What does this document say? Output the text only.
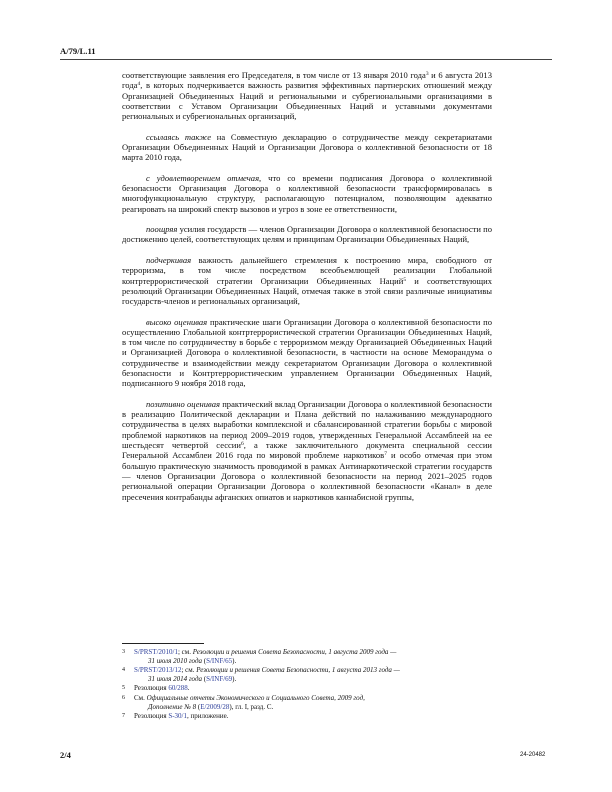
A/79/L.11

соответствующие заявления его Председателя, в том числе от 13 января 2010 года$^3$ и 6 августа 2013 года$^4$, в которых подчеркивается важность развития эффективных партнерских отношений между Организацией Объединенных Наций и региональными и субрегиональными организациями в соответствии с Уставом Организации Объединенных Наций и уставными документами региональных и субрегиональных организаций,

ссылаясь также на Совместную декларацию о сотрудничестве между секретариатами Организации Объединенных Наций и Организации Договора о коллективной безопасности от 18 марта 2010 года,

с удовлетворением отмечая, что со времени подписания Договора о коллективной безопасности Организация Договора о коллективной безопасности трансформировалась в многофункциональную структуру, располагающую потенциалом, позволяющим адекватно реагировать на широкий спектр вызовов и угроз в зоне ее ответственности,

поощряя усилия государств — членов Организации Договора о коллективной безопасности по достижению целей, соответствующих целям и принципам Организации Объединенных Наций,

подчеркивая важность дальнейшего стремления к построению мира, свободного от терроризма, в том числе посредством всеобъемлющей реализации Глобальной контртеррористической стратегии Организации Объединенных Наций$^5$ и соответствующих резолюций Организации Объединенных Наций, отмечая также в этой связи различные инициативы государств-членов и региональных организаций,

высоко оценивая практические шаги Организации Договора о коллективной безопасности по осуществлению Глобальной контртеррористической стратегии Организации Объединенных Наций, в том числе по сотрудничеству в борьбе с терроризмом между Организацией Объединенных Наций и Организацией Договора о коллективной безопасности, в частности на основе Меморандума о сотрудничестве и взаимодействии между секретариатом Организации Договора о коллективной безопасности и Контртеррористическим управлением Организации Объединенных Наций, подписанного 9 ноября 2018 года,

позитивно оценивая практический вклад Организации Договора о коллективной безопасности в реализацию Политической декларации и Плана действий по налаживанию международного сотрудничества в целях выработки комплексной и сбалансированной стратегии борьбы с мировой проблемой наркотиков на период 2009–2019 годов, утвержденных Генеральной Ассамблеей на ее шестьдесят четвертой сессии$^6$, а также заключительного документа специальной сессии Генеральной Ассамблеи 2016 года по мировой проблеме наркотиков$^7$ и особо отмечая при этом большую практическую значимость проводимой в рамках Антинаркотической стратегии государств — членов Организации Договора о коллективной безопасности на период 2021–2025 годов региональной операции Организации Договора о коллективной безопасности «Канал» в деле пресечения контрабанды афганских опиатов и наркотиков каннабисной группы,

3 S/PRST/2010/1; см. Резолюции и решения Совета Безопасности, 1 августа 2009 года —
31 июля 2010 года (S/INF/65).
4 S/PRST/2013/12; см. Резолюции и решения Совета Безопасности, 1 августа 2013 года —
31 июля 2014 года (S/INF/69).
5 Резолюция 60/288.
6 См. Официальные отчеты Экономического и Социального Совета, 2009 год,
Дополнение № 8 (E/2009/28), гл. I, разд. C.
7 Резолюция S-30/1, приложение.
2/4	24-20482
